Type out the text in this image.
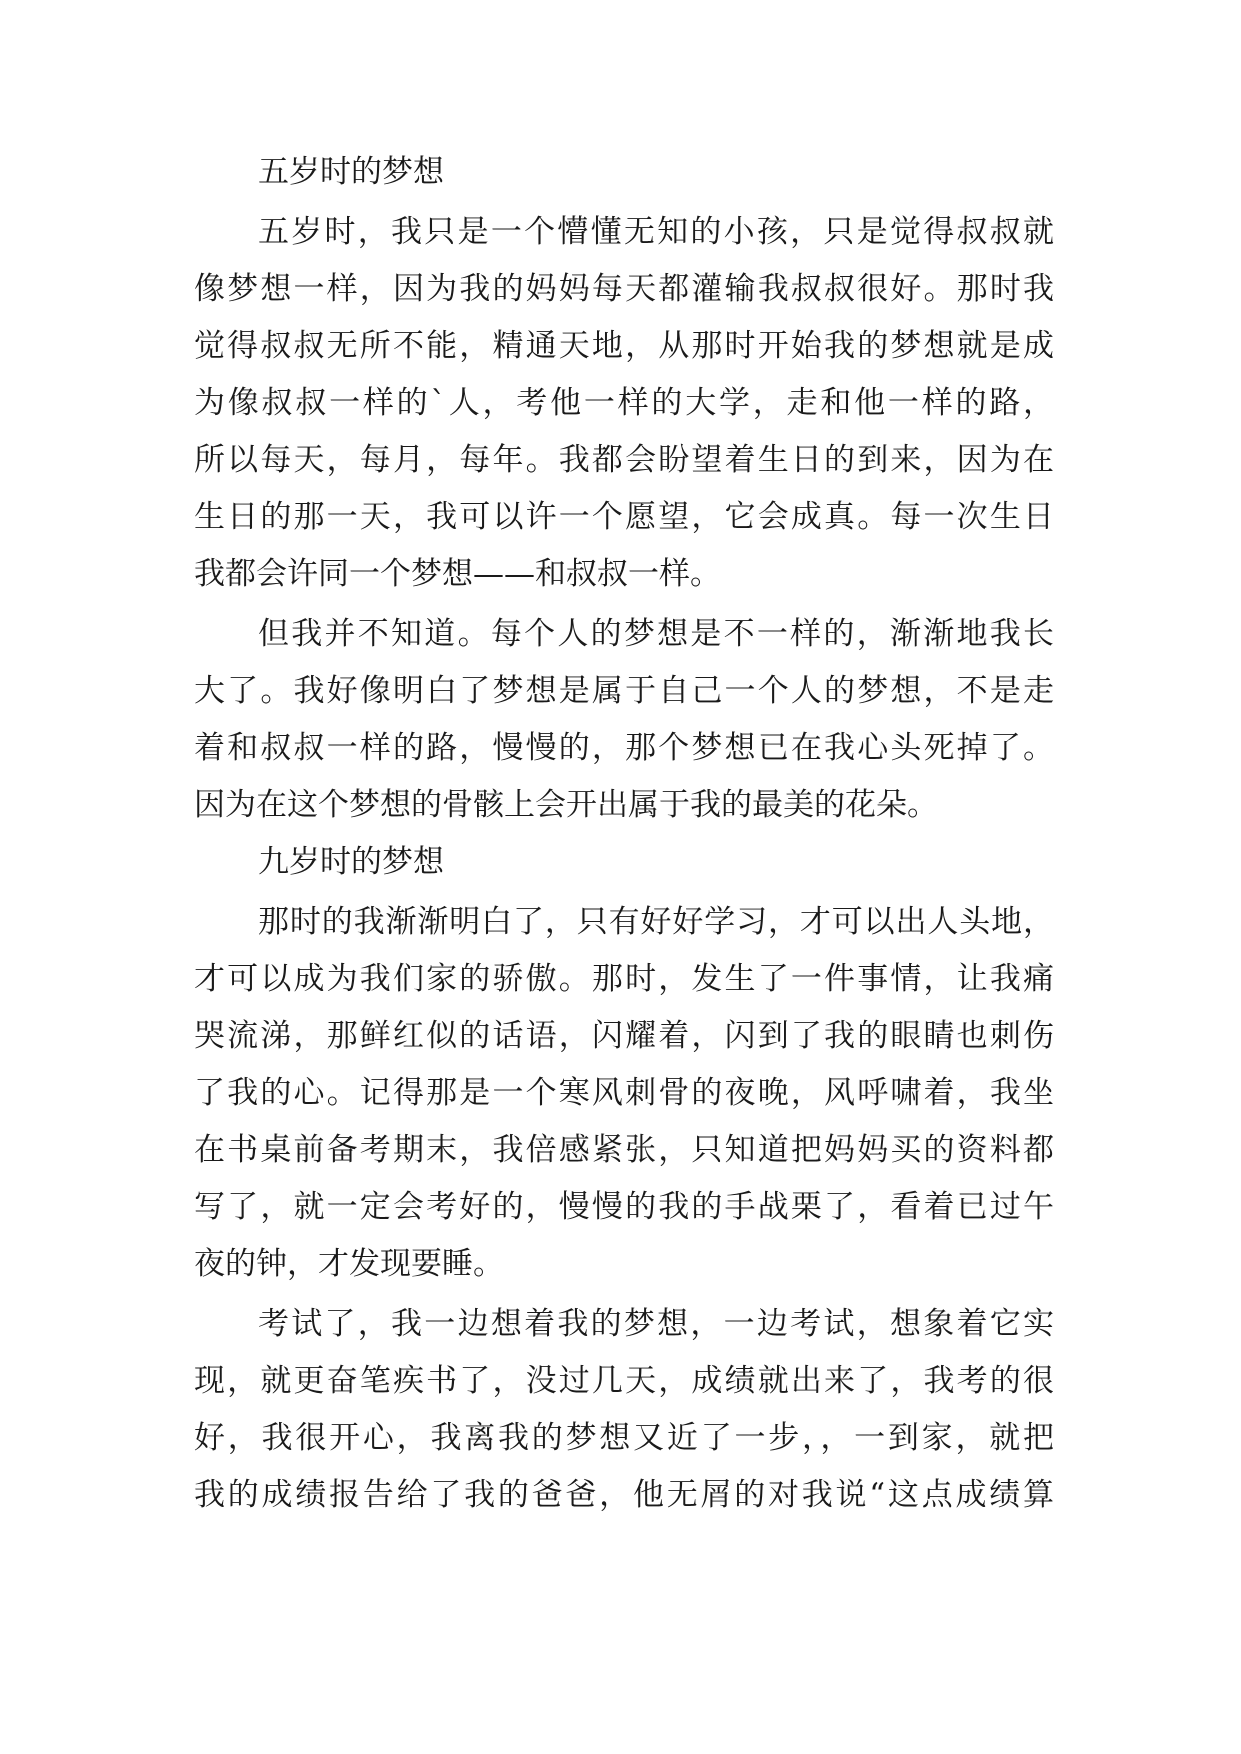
五岁时的梦想
五岁时，我只是一个懵懂无知的小孩，只是觉得叔叔就
像梦想一样，因为我的妈妈每天都灌输我叔叔很好。那时我
觉得叔叔无所不能，精通天地，从那时开始我的梦想就是成
为像叔叔一样的`人，考他一样的大学，走和他一样的路，
所以每天，每月，每年。我都会盼望着生日的到来，因为在
生日的那一天，我可以许一个愿望，它会成真。每一次生日
我都会许同一个梦想——和叔叔一样。
但我并不知道。每个人的梦想是不一样的，渐渐地我长
大了。我好像明白了梦想是属于自己一个人的梦想，不是走
着和叔叔一样的路，慢慢的，那个梦想已在我心头死掉了。
因为在这个梦想的骨骸上会开出属于我的最美的花朵。
九岁时的梦想
那时的我渐渐明白了，只有好好学习，才可以出人头地，
才可以成为我们家的骄傲。那时，发生了一件事情，让我痛
哭流涕，那鲜红似的话语，闪耀着，闪到了我的眼睛也刺伤
了我的心。记得那是一个寒风刺骨的夜晚，风呼啸着，我坐
在书桌前备考期末，我倍感紧张，只知道把妈妈买的资料都
写了，就一定会考好的，慢慢的我的手战栗了，看着已过午
夜的钟，才发现要睡。
考试了，我一边想着我的梦想，一边考试，想象着它实
现，就更奋笔疾书了，没过几天，成绩就出来了，我考的很
好，我很开心，我离我的梦想又近了一步，，一到家，就把
我的成绩报告给了我的爸爸，他无屑的对我说“这点成绩算
